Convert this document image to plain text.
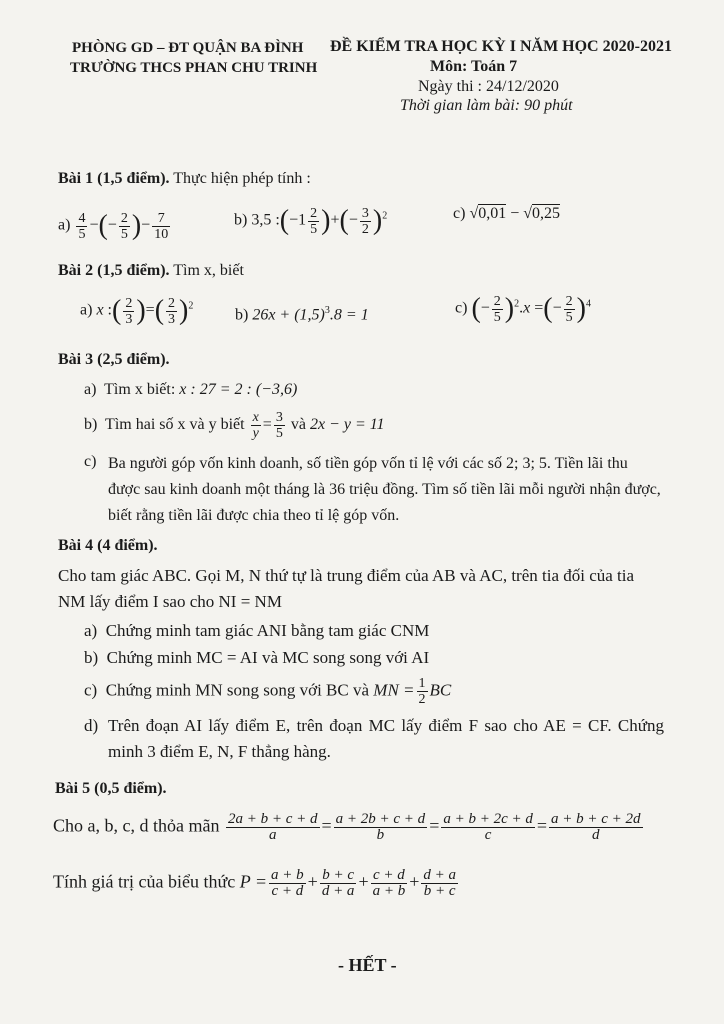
PHÒNG GD – ĐT QUẬN BA ĐÌNH
TRƯỜNG THCS PHAN CHU TRINH
ĐỀ KIỂM TRA HỌC KỲ I NĂM HỌC 2020-2021
Môn: Toán 7
Ngày thi : 24/12/2020
Thời gian làm bài: 90 phút
Bài 1 (1,5 điểm). Thực hiện phép tính :
$a) \frac{4}{5}$ −(− $\frac{2}{5}$ )− $\frac{7}{10}$	b) 3,5 :(−1 $\frac{2}{5}$ )+(− $\frac{3}{2} )^2$	c) √0,01 − √0,25
Bài 2 (1,5 điểm). Tìm x, biết
a) x :( $\frac{2}{3}$ )=( $\frac{2}{3} )^2$
b) $26x + (1,5)^3.8 = 1$	c) (− $\frac{2}{5} )^2.x$ =(− $\frac{2}{5} )^4$
Bài 3 (2,5 điểm).
a) Tìm x biết: x : 27 = 2 : (−3,6)
b) Tìm hai số x và y biết $\frac{x}{y} = \frac{3}{5}$ và 2x − y = 11
c) Ba người góp vốn kinh doanh, số tiền góp vốn tỉ lệ với các số 2; 3; 5. Tiền lãi thu được sau kinh doanh một tháng là 36 triệu đồng. Tìm số tiền lãi mỗi người nhận được, biết rằng tiền lãi được chia theo tỉ lệ góp vốn.
Bài 4 (4 điểm).
Cho tam giác ABC. Gọi M, N thứ tự là trung điểm của AB và AC, trên tia đối của tia NM lấy điểm I sao cho NI = NM
a) Chứng minh tam giác ANI bằng tam giác CNM
b) Chứng minh MC = AI và MC song song với AI
c) Chứng minh MN song song với BC và MN = $\frac{1}{2}$ BC
d) Trên đoạn AI lấy điểm E, trên đoạn MC lấy điểm F sao cho AE = CF. Chứng minh 3 điểm E, N, F thẳng hàng.
Bài 5 (0,5 điểm).
Cho a, b, c, d thỏa mãn $\frac{2a + b + c + d}{a} = \frac{a + 2b + c + d}{b} = \frac{a + b + 2c + d}{c} = \frac{a + b + c + 2d}{d}$
Tính giá trị của biểu thức $P = \frac{a + b}{c + d} + \frac{b + c}{d + a} + \frac{c + d}{a + b} + \frac{d + a}{b + c}$
- HẾT -
